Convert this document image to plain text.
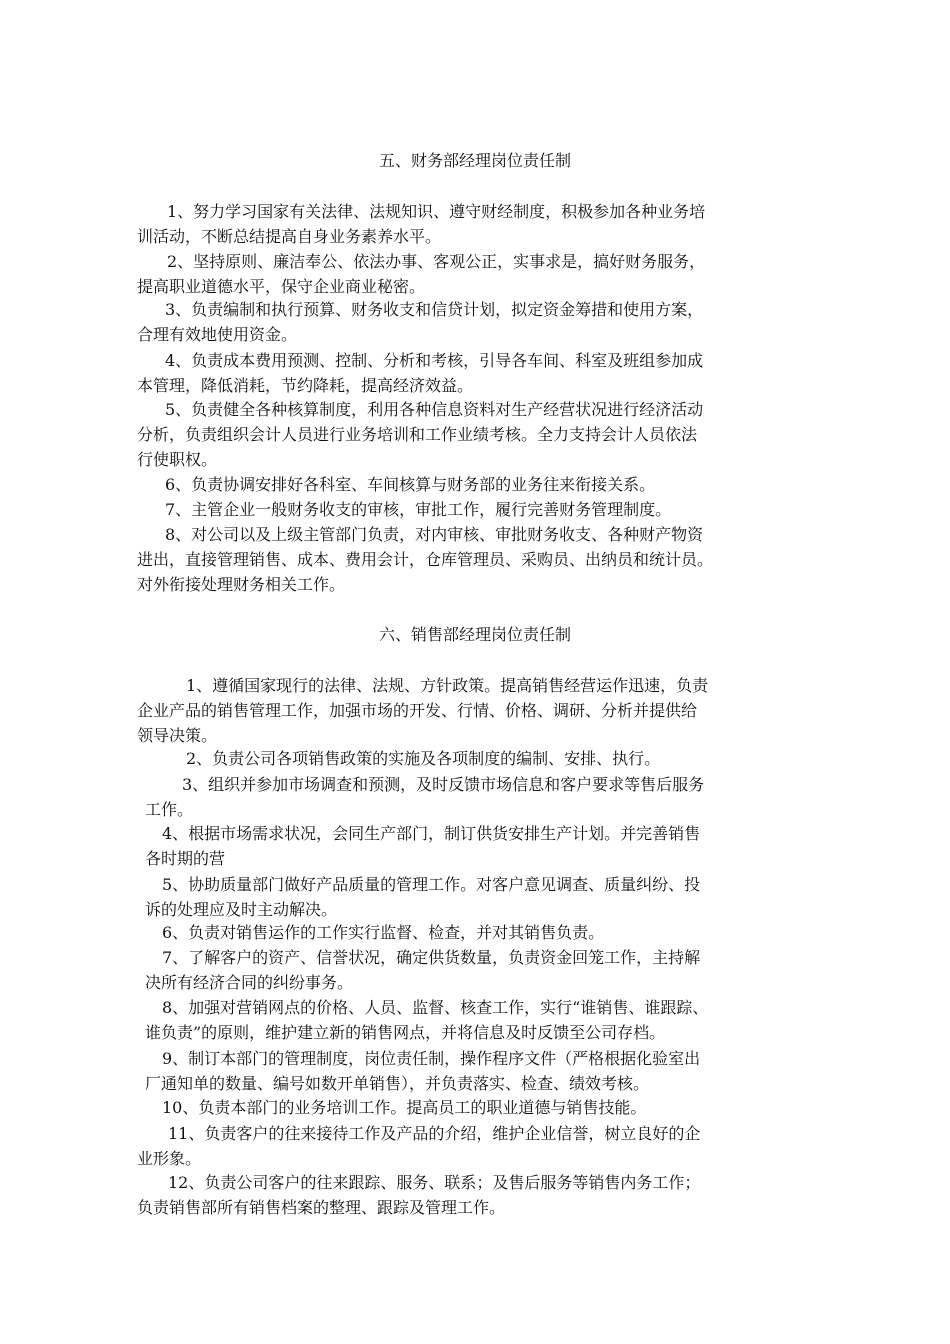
五、财务部经理岗位责任制
1、努力学习国家有关法律、法规知识、遵守财经制度，积极参加各种业务培
训活动，不断总结提高自身业务素养水平。
2、坚持原则、廉洁奉公、依法办事、客观公正，实事求是，搞好财务服务，
提高职业道德水平，保守企业商业秘密。
3、负责编制和执行预算、财务收支和信贷计划，拟定资金筹措和使用方案，
合理有效地使用资金。
4、负责成本费用预测、控制、分析和考核，引导各车间、科室及班组参加成
本管理，降低消耗，节约降耗，提高经济效益。
5、负责健全各种核算制度，利用各种信息资料对生产经营状况进行经济活动
分析，负责组织会计人员进行业务培训和工作业绩考核。全力支持会计人员依法
行使职权。
6、负责协调安排好各科室、车间核算与财务部的业务往来衔接关系。
7、主管企业一般财务收支的审核，审批工作，履行完善财务管理制度。
8、对公司以及上级主管部门负责，对内审核、审批财务收支、各种财产物资
进出，直接管理销售、成本、费用会计，仓库管理员、采购员、出纳员和统计员。
对外衔接处理财务相关工作。
六、销售部经理岗位责任制
1、遵循国家现行的法律、法规、方针政策。提高销售经营运作迅速，负责
企业产品的销售管理工作，加强市场的开发、行情、价格、调研、分析并提供给
领导决策。
2、负责公司各项销售政策的实施及各项制度的编制、安排、执行。
3、组织并参加市场调查和预测，及时反馈市场信息和客户要求等售后服务
工作。
4、根据市场需求状况，会同生产部门，制订供货安排生产计划。并完善销售
各时期的营
5、协助质量部门做好产品质量的管理工作。对客户意见调查、质量纠纷、投
诉的处理应及时主动解决。
6、负责对销售运作的工作实行监督、检查，并对其销售负责。
7、了解客户的资产、信誉状况，确定供货数量，负责资金回笼工作，主持解
决所有经济合同的纠纷事务。
8、加强对营销网点的价格、人员、监督、核查工作，实行“谁销售、谁跟踪、
谁负责”的原则，维护建立新的销售网点，并将信息及时反馈至公司存档。
9、制订本部门的管理制度，岗位责任制，操作程序文件（严格根据化验室出
厂通知单的数量、编号如数开单销售），并负责落实、检查、绩效考核。
10、负责本部门的业务培训工作。提高员工的职业道德与销售技能。
11、负责客户的往来接待工作及产品的介绍，维护企业信誉，树立良好的企
业形象。
12、负责公司客户的往来跟踪、服务、联系；及售后服务等销售内务工作；
负责销售部所有销售档案的整理、跟踪及管理工作。
